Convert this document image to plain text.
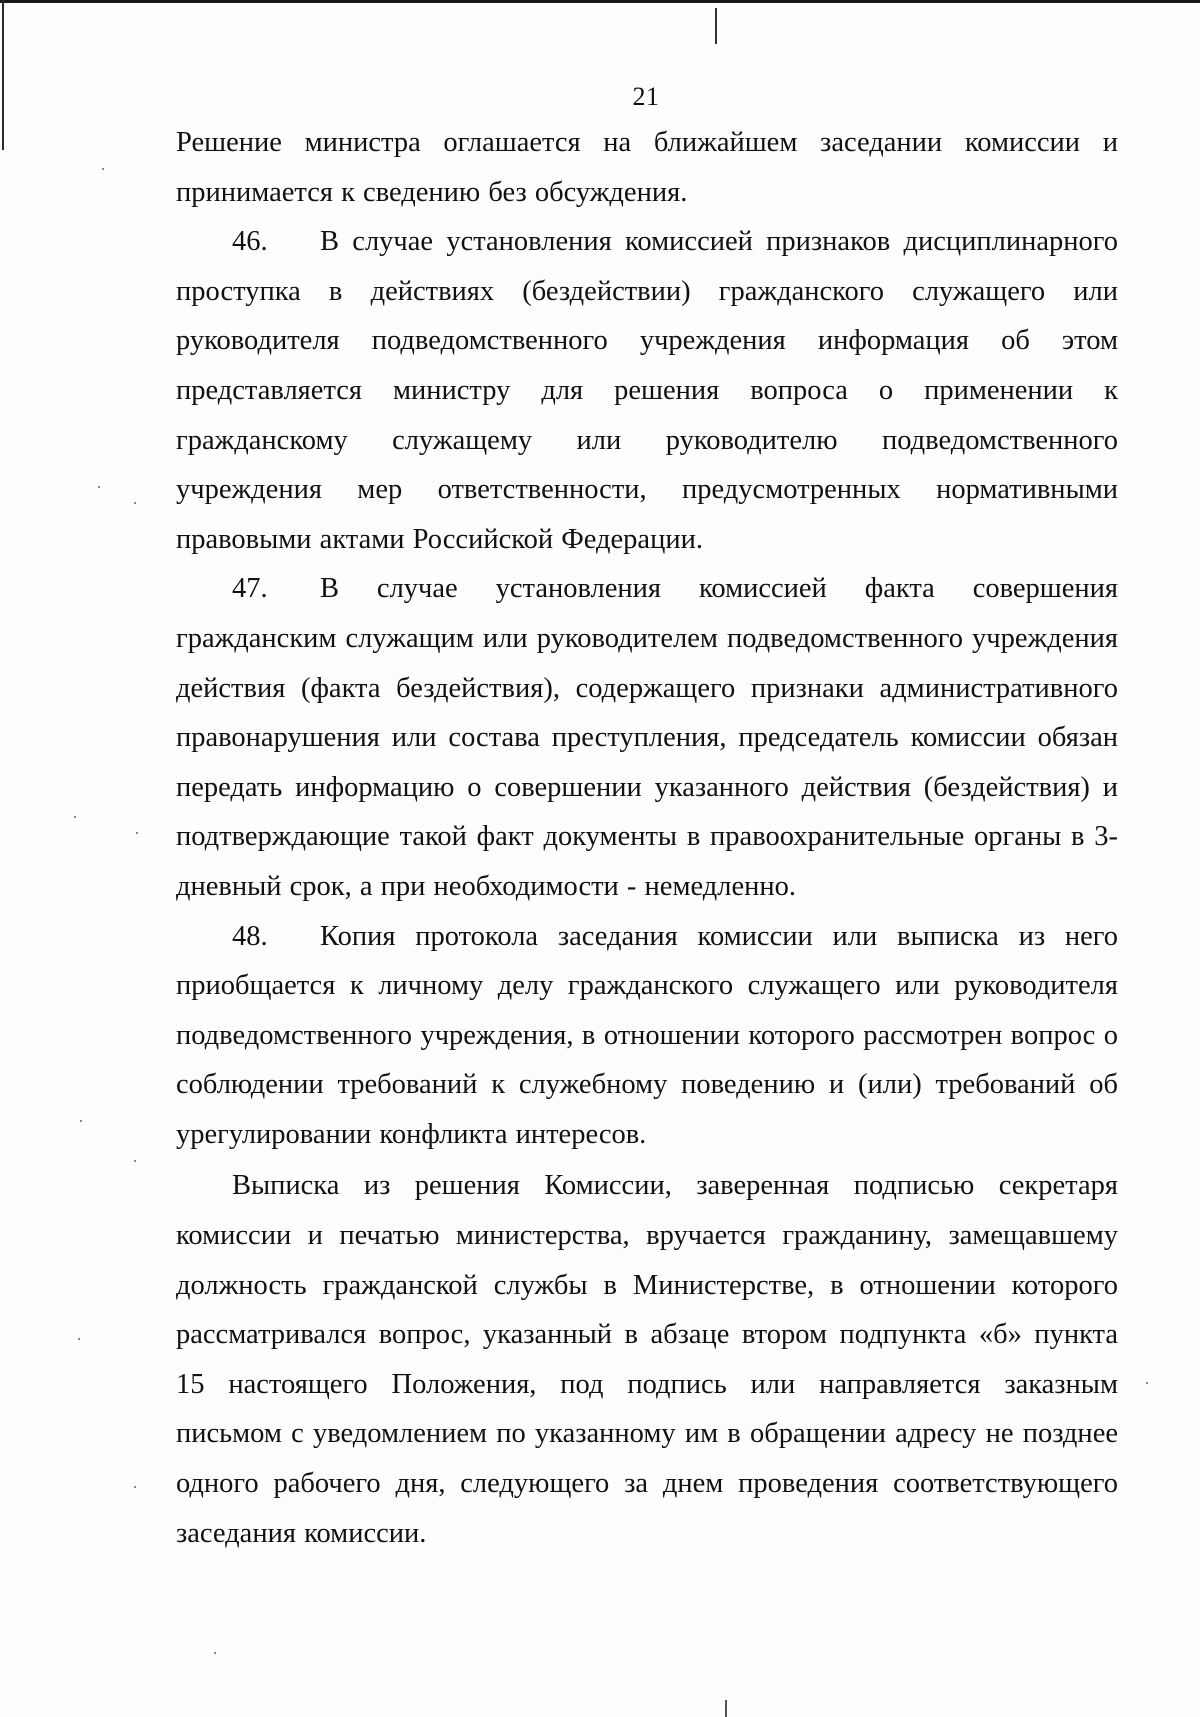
21

Решение министра оглашается на ближайшем заседании комиссии и принимается к сведению без обсуждения.

46. В случае установления комиссией признаков дисциплинарного проступка в действиях (бездействии) гражданского служащего или руководителя подведомственного учреждения информация об этом представляется министру для решения вопроса о применении к гражданскому служащему или руководителю подведомственного учреждения мер ответственности, предусмотренных нормативными правовыми актами Российской Федерации.

47. В случае установления комиссией факта совершения гражданским служащим или руководителем подведомственного учреждения действия (факта бездействия), содержащего признаки административного правонарушения или состава преступления, председатель комиссии обязан передать информацию о совершении указанного действия (бездействия) и подтверждающие такой факт документы в правоохранительные органы в 3-дневный срок, а при необходимости - немедленно.

48. Копия протокола заседания комиссии или выписка из него приобщается к личному делу гражданского служащего или руководителя подведомственного учреждения, в отношении которого рассмотрен вопрос о соблюдении требований к служебному поведению и (или) требований об урегулировании конфликта интересов.

Выписка из решения Комиссии, заверенная подписью секретаря комиссии и печатью министерства, вручается гражданину, замещавшему должность гражданской службы в Министерстве, в отношении которого рассматривался вопрос, указанный в абзаце втором подпункта «б» пункта 15 настоящего Положения, под подпись или направляется заказным письмом с уведомлением по указанному им в обращении адресу не позднее одного рабочего дня, следующего за днем проведения соответствующего заседания комиссии.
